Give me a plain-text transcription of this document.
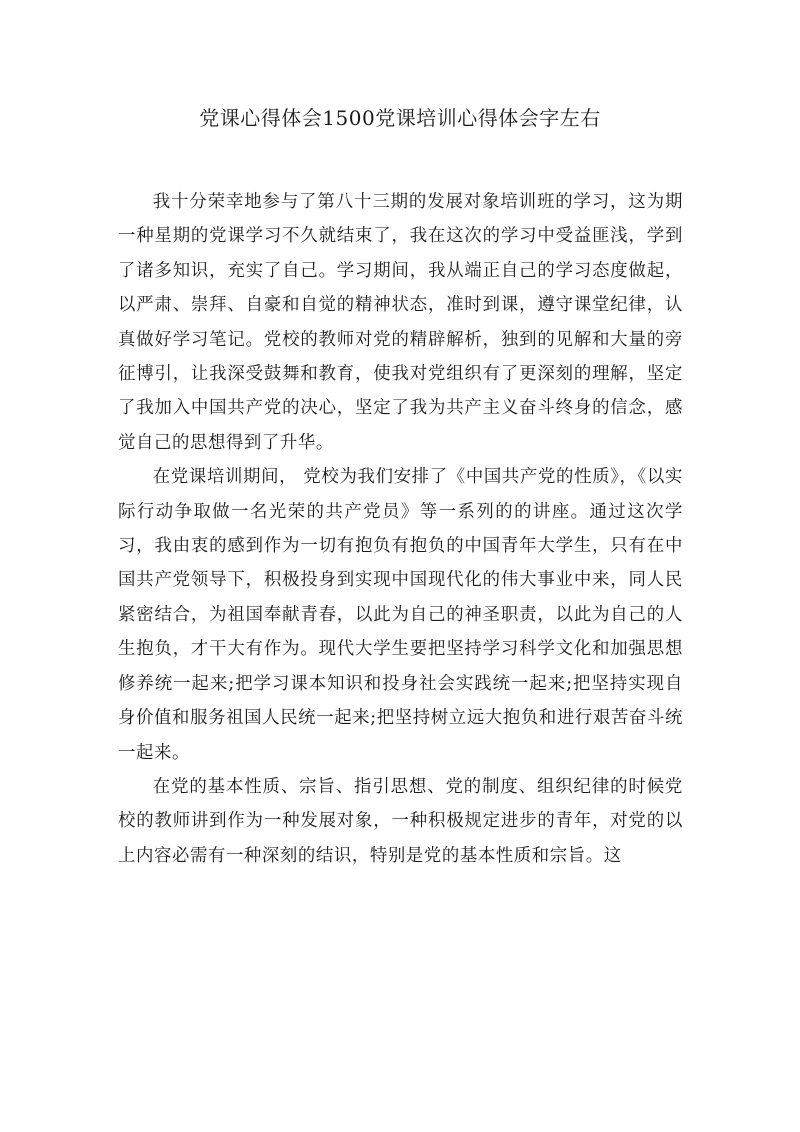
党课心得体会1500党课培训心得体会字左右

我十分荣幸地参与了第八十三期的发展对象培训班的学习，这为期一种星期的党课学习不久就结束了，我在这次的学习中受益匪浅，学到了诸多知识，充实了自己。学习期间，我从端正自己的学习态度做起，以严肃、崇拜、自豪和自觉的精神状态，准时到课，遵守课堂纪律，认真做好学习笔记。党校的教师对党的精辟解析，独到的见解和大量的旁征博引，让我深受鼓舞和教育，使我对党组织有了更深刻的理解，坚定了我加入中国共产党的决心，坚定了我为共产主义奋斗终身的信念，感觉自己的思想得到了升华。

在党课培训期间， 党校为我们安排了《中国共产党的性质》，《以实际行动争取做一名光荣的共产党员》等一系列的的讲座。通过这次学习，我由衷的感到作为一切有抱负有抱负的中国青年大学生，只有在中国共产党领导下，积极投身到实现中国现代化的伟大事业中来，同人民紧密结合，为祖国奉献青春，以此为自己的神圣职责，以此为自己的人生抱负，才干大有作为。现代大学生要把坚持学习科学文化和加强思想修养统一起来;把学习课本知识和投身社会实践统一起来;把坚持实现自身价值和服务祖国人民统一起来;把坚持树立远大抱负和进行艰苦奋斗统一起来。

在党的基本性质、宗旨、指引思想、党的制度、组织纪律的时候党校的教师讲到作为一种发展对象，一种积极规定进步的青年，对党的以上内容必需有一种深刻的结识，特别是党的基本性质和宗旨。这
